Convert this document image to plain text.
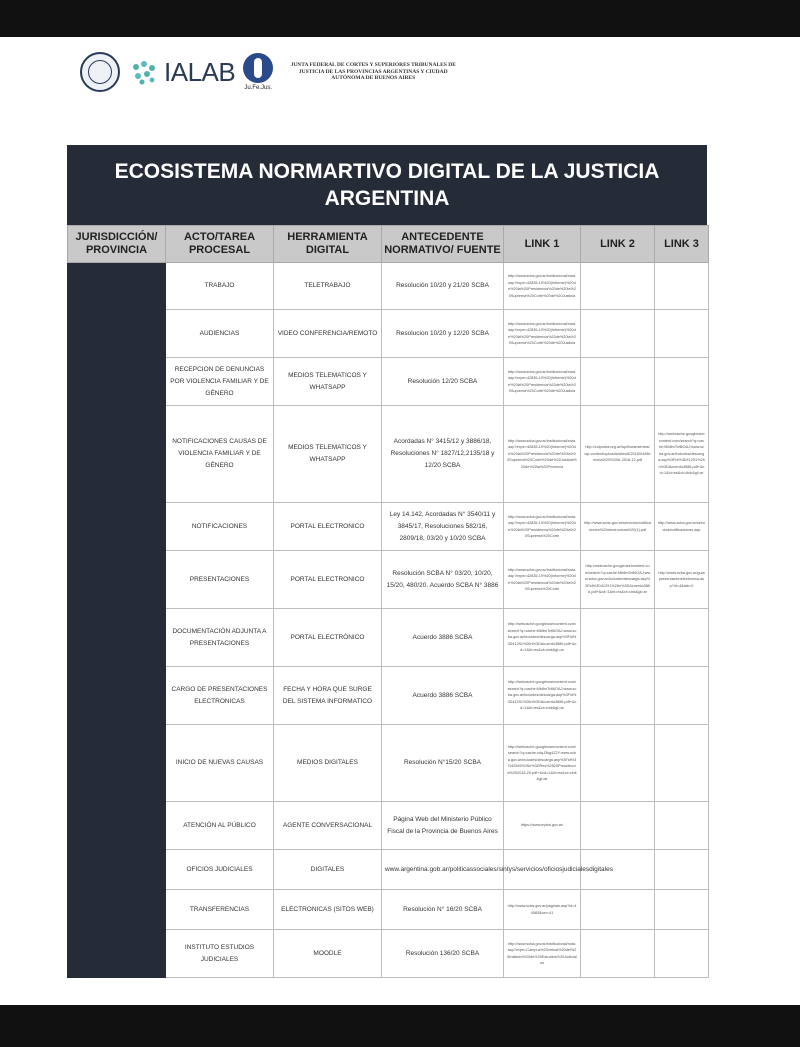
IALAB
Ju.Fe.Jus.
JUNTA FEDERAL DE CORTES Y SUPERIORES TRIBUNALES DE JUSTICIA DE LAS PROVINCIAS ARGENTINAS Y CIUDAD AUTÓNOMA DE BUENOS AIRES
ECOSISTEMA NORMARTIVO DIGITAL DE LA JUSTICIA ARGENTINA
JURISDICCIÓN/ PROVINCIA	ACTO/TAREA PROCESAL	HERRAMIENTA DIGITAL	ANTECEDENTE NORMATIVO/ FUENTE	LINK 1	LINK 2	LINK 3
	TRABAJO	TELETRABAJO	Resolución 10/20 y 21/20 SCBA	http://www.scba.gov.ar/institucional/nota.asp?expe=42835-19%20(Informe)%20de%20la%20Presidencia%20de%20la%20Suprema%20Corte%20de%20Justicia		
	AUDIENCIAS	VIDEO CONFERENCIA/REMOTO	Resolucion 10/20 y 12/20 SCBA	http://www.scba.gov.ar/institucional/nota.asp?expe=42835-19%20(Informe)%20de%20la%20Presidencia%20de%20la%20Suprema%20Corte%20de%20Justicia		
	RECEPCION DE DENUNCIAS POR VIOLENCIA FAMILIAR Y DE GÉNERO	MEDIOS TELEMATICOS Y WHATSAPP	Resolución 12/20 SCBA	http://www.scba.gov.ar/institucional/nota.asp?expe=42835-19%20(Informe)%20de%20la%20Presidencia%20de%20la%20Suprema%20Corte%20de%20Justicia		
	NOTIFICACIONES CAUSAS DE VIOLENCIA FAMILIAR Y DE GÉNERO	MEDIOS TELEMATICOS Y WHATSAPP	Acordadas N° 3415/12 y 3886/18, Resoluciones N° 1827/12,2135/18 y 12/20 SCBA	http://www.scba.gov.ar/institucional/nota.asp?expe=42835-19%20(Informe)%20de%20la%20Presidencia%20de%20la%20Suprema%20Corte%20de%20Justicia%20de%20la%20Provincia	http://colproba.org.ar/wp/lineamientos/wp-content/uploads/sites/8/2018/04/Memoria%20SCBA-2018-12.pdf	http://webcache.googleusercontent.com/search?q=cache:Mb8mTcfl6OAJ:www.scba.gov.ar/includes/descarga.asp%3Fid%3D41291%26n%3DAcuerdo3886.pdf+&cd=1&hl=es&ct=clnk&gl=ar
	NOTIFICACIONES	PORTAL ELECTRONICO	Ley 14.142, Acordadas N° 3540/11 y 3845/17, Resoluciones 582/16, 2809/18, 03/20 y 10/20 SCBA	http://www.scba.gov.ar/institucional/nota.asp?expe=42835-19%20(Informe)%20de%20la%20Presidencia%20de%20la%20Suprema%20Corte	http://www.scba.gov.ar/servicios/notificaciones%20electronicas%20(1).pdf	http://www.scba.gov.ar/servicios/notificaciones.asp
	PRESENTACIONES	PORTAL ELECTRONICO	Resolución SCBA N° 03/20, 10/20, 15/20, 480/20. Acuerdo SCBA N° 3886	http://www.scba.gov.ar/institucional/nota.asp?expe=42835-19%20(Informe)%20de%20la%20Presidencia%20de%20la%20Suprema%20Corte	http://webcache.googleusercontent.com/search?q=cache:Mb8mTcfl6OAJ:www.scba.gov.ar/includes/descarga.asp%3Fid%3D41291%26n%3DAcuerdo3886.pdf+&cd=1&hl=es&ct=clnk&gl=ar	http://www.scba.gov.ar/guiapresentacionelectronica.asp?id=4&tab=0
	DOCUMENTACIÓN ADJUNTA A PRESENTACIONES	PORTAL ELECTRÓNICO	Acuerdo 3886 SCBA	http://webcache.googleusercontent.com/search?q=cache:Mb8mTcfl6OAJ:www.scba.gov.ar/includes/descarga.asp%3Fid%3D41291%26n%3DAcuerdo3886.pdf+&cd=1&hl=es&ct=clnk&gl=ar		
	CARGO DE PRESENTACIONES ELECTRONICAS	FECHA Y HORA QUE SURGE DEL SISTEMA INFORMATICO	Acuerdo 3886 SCBA	http://webcache.googleusercontent.com/search?q=cache:Mb8mTcfl6OAJ:www.scba.gov.ar/includes/descarga.asp%3Fid%3D41291%26n%3DAcuerdo3886.pdf+&cd=1&hl=es&ct=clnk&gl=ar		
	INICIO DE NUEVAS CAUSAS	MEDIOS DIGITALES	Resolución N°15/20 SCBA	http://webcache.googleusercontent.com/search?q=cache:xdqJ3kg4Z2Y:www.scba.gov.ar/includes/descarga.asp%3Fid%3D42545%26n%3DRes%2520Presidencia%252015-20.pdf+&cd=1&hl=es&ct=clnk&gl=ar		
	ATENCIÓN AL PÚBLICO	AGENTE CONVERSACIONAL	Página Web del Ministerio Público Fiscal de la Provincia de Buenos Aires	https://www.mpba.gov.ar/		
	OFICIOS JUDICIALES	DIGITALES	www.argentina.gob.ar/politicassociales/sintys/servicios/oficiosjudicialesdigitales			
	TRANSFERENCIAS	ELECTRONICAS (SITOS WEB)	Resolución N° 16/20 SCBA	http://www.scba.gov.ar/paginas.asp?id=44583&ver=41		
	INSTITUTO ESTUDIOS JUDICIALES	MOODLE	Resolución 136/20 SCBA	http://www.scba.gov.ar/institucional/nota.asp?expe=Campus%20virtual%20del%20Instituto%20de%20Estudios%20Judiciales		
